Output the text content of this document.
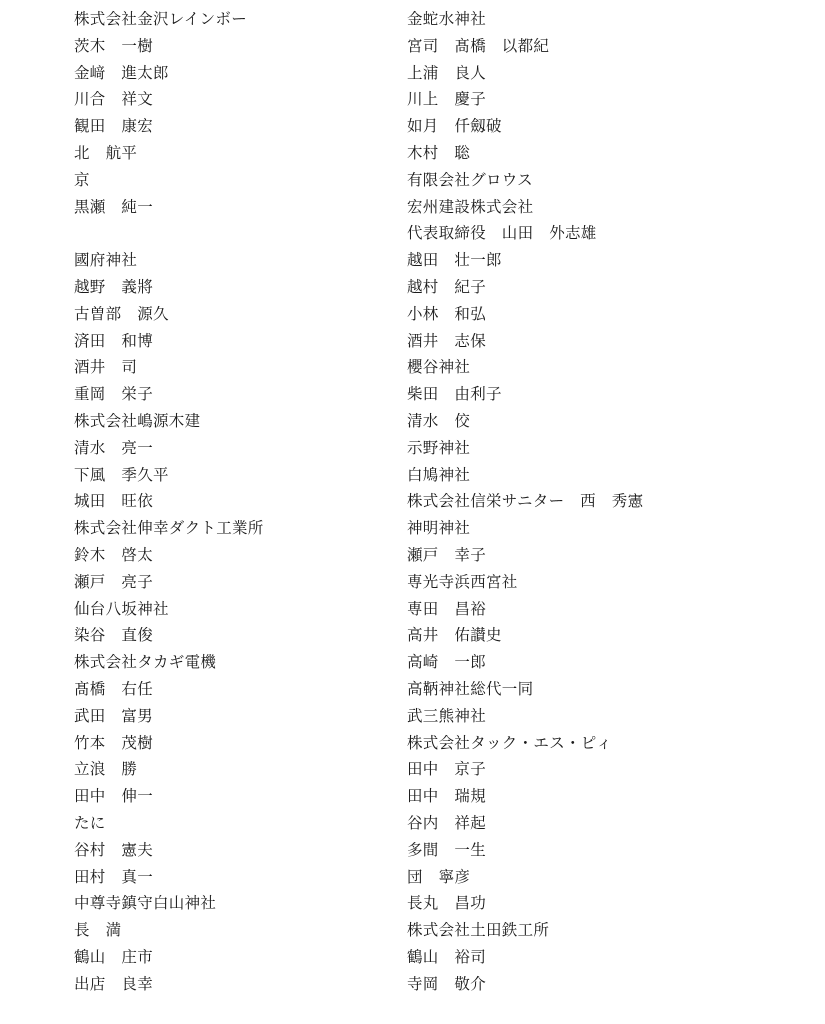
株式会社金沢レインボー
茨木　一樹
金﨑　進太郎
川合　祥文
観田　康宏
北　航平
京
黒瀬　純一
國府神社
越野　義將
古曽部　源久
済田　和博
酒井　司
重岡　栄子
株式会社嶋源木建
清水　亮一
下風　季久平
城田　旺依
株式会社伸幸ダクト工業所
鈴木　啓太
瀬戸　亮子
仙台八坂神社
染谷　直俊
株式会社タカギ電機
髙橋　右任
武田　富男
竹本　茂樹
立浪　勝
田中　伸一
たに
谷村　憲夫
田村　真一
中尊寺鎮守白山神社
長　満
鶴山　庄市
出店　良幸
金蛇水神社
宮司　髙橋　以都紀
上浦　良人
川上　慶子
如月　仟劔破
木村　聡
有限会社グロウス
宏州建設株式会社
代表取締役　山田　外志雄
越田　壮一郎
越村　紀子
小林　和弘
酒井　志保
櫻谷神社
柴田　由利子
清水　佼
示野神社
白鳩神社
株式会社信栄サニター　西　秀憲
神明神社
瀬戸　幸子
専光寺浜西宮社
専田　昌裕
高井　佑讃史
高崎　一郎
高鞆神社総代一同
武三熊神社
株式会社タック・エス・ピィ
田中　京子
田中　瑞規
谷内　祥起
多間　一生
団　寧彦
長丸　昌功
株式会社土田鉄工所
鶴山　裕司
寺岡　敬介
